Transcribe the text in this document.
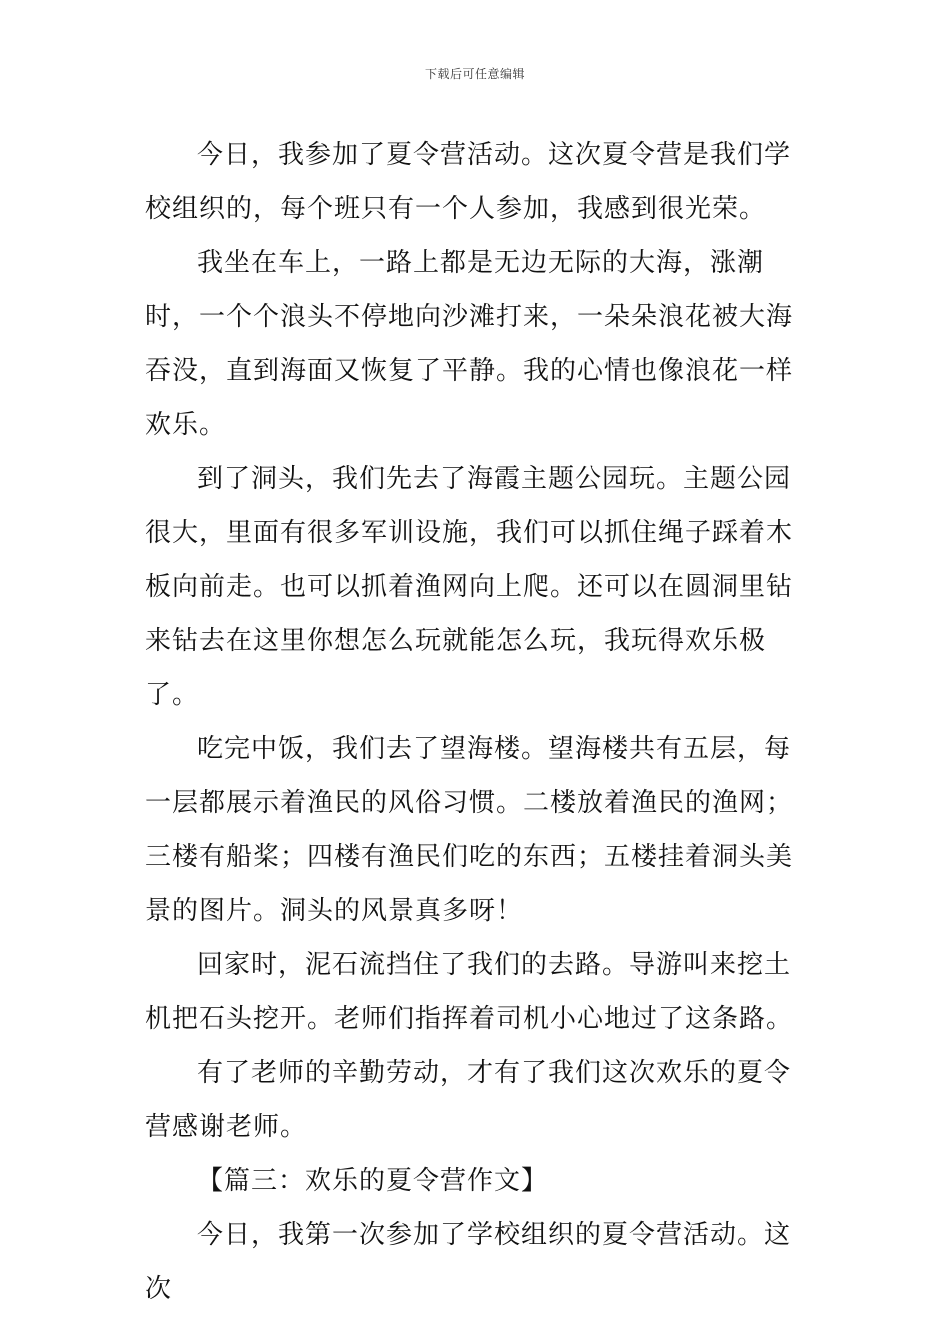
下载后可任意编辑

今日，我参加了夏令营活动。这次夏令营是我们学校组织的，每个班只有一个人参加，我感到很光荣。

我坐在车上，一路上都是无边无际的大海，涨潮时，一个个浪头不停地向沙滩打来，一朵朵浪花被大海吞没，直到海面又恢复了平静。我的心情也像浪花一样欢乐。

到了洞头，我们先去了海霞主题公园玩。主题公园很大，里面有很多军训设施，我们可以抓住绳子踩着木板向前走。也可以抓着渔网向上爬。还可以在圆洞里钻来钻去在这里你想怎么玩就能怎么玩，我玩得欢乐极了。

吃完中饭，我们去了望海楼。望海楼共有五层，每一层都展示着渔民的风俗习惯。二楼放着渔民的渔网；三楼有船桨；四楼有渔民们吃的东西；五楼挂着洞头美景的图片。洞头的风景真多呀！

回家时，泥石流挡住了我们的去路。导游叫来挖土机把石头挖开。老师们指挥着司机小心地过了这条路。

有了老师的辛勤劳动，才有了我们这次欢乐的夏令营感谢老师。

【篇三：欢乐的夏令营作文】

今日，我第一次参加了学校组织的夏令营活动。这次
